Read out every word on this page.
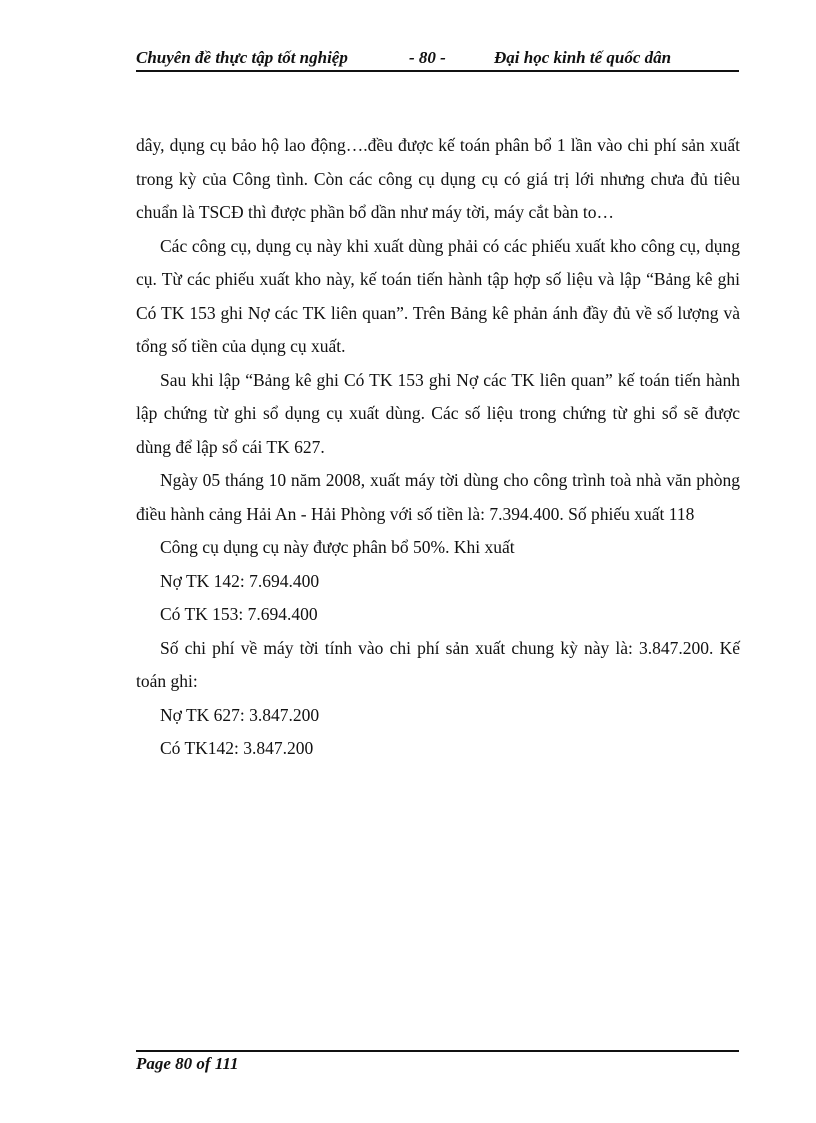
Chuyên đề thực tập tốt nghiệp	- 80 -	Đại học kinh tế quốc dân

dây, dụng cụ bảo hộ lao động….đều được kế toán phân bổ 1 lần vào chi phí sản xuất trong kỳ của Công tình. Còn các công cụ dụng cụ có giá trị lới nhưng chưa đủ tiêu chuẩn là TSCĐ thì được phần bổ dần như máy tời, máy cắt bàn to…

Các công cụ, dụng cụ này khi xuất dùng phải có các phiếu xuất kho công cụ, dụng cụ. Từ các phiếu xuất kho này, kế toán tiến hành tập hợp số liệu và lập “Bảng kê ghi Có TK 153 ghi Nợ các TK liên quan”. Trên Bảng kê phản ánh đầy đủ về số lượng và tổng số tiền của dụng cụ xuất.

Sau khi lập “Bảng kê ghi Có TK 153 ghi Nợ các TK liên quan” kế toán tiến hành lập chứng từ ghi sổ dụng cụ xuất dùng. Các số liệu trong chứng từ ghi sổ sẽ được dùng để lập sổ cái TK 627.

Ngày 05 tháng 10 năm 2008, xuất máy tời dùng cho công trình toà nhà văn phòng điều hành cảng Hải An - Hải Phòng với số tiền là: 7.394.400. Số phiếu xuất 118

Công cụ dụng cụ này được phân bổ 50%. Khi xuất

Nợ TK 142: 7.694.400

Có TK 153: 7.694.400

Số chi phí về máy tời tính vào chi phí sản xuất chung kỳ này là: 3.847.200. Kế toán ghi:

Nợ TK 627: 3.847.200

Có TK142: 3.847.200

Page 80 of 111
